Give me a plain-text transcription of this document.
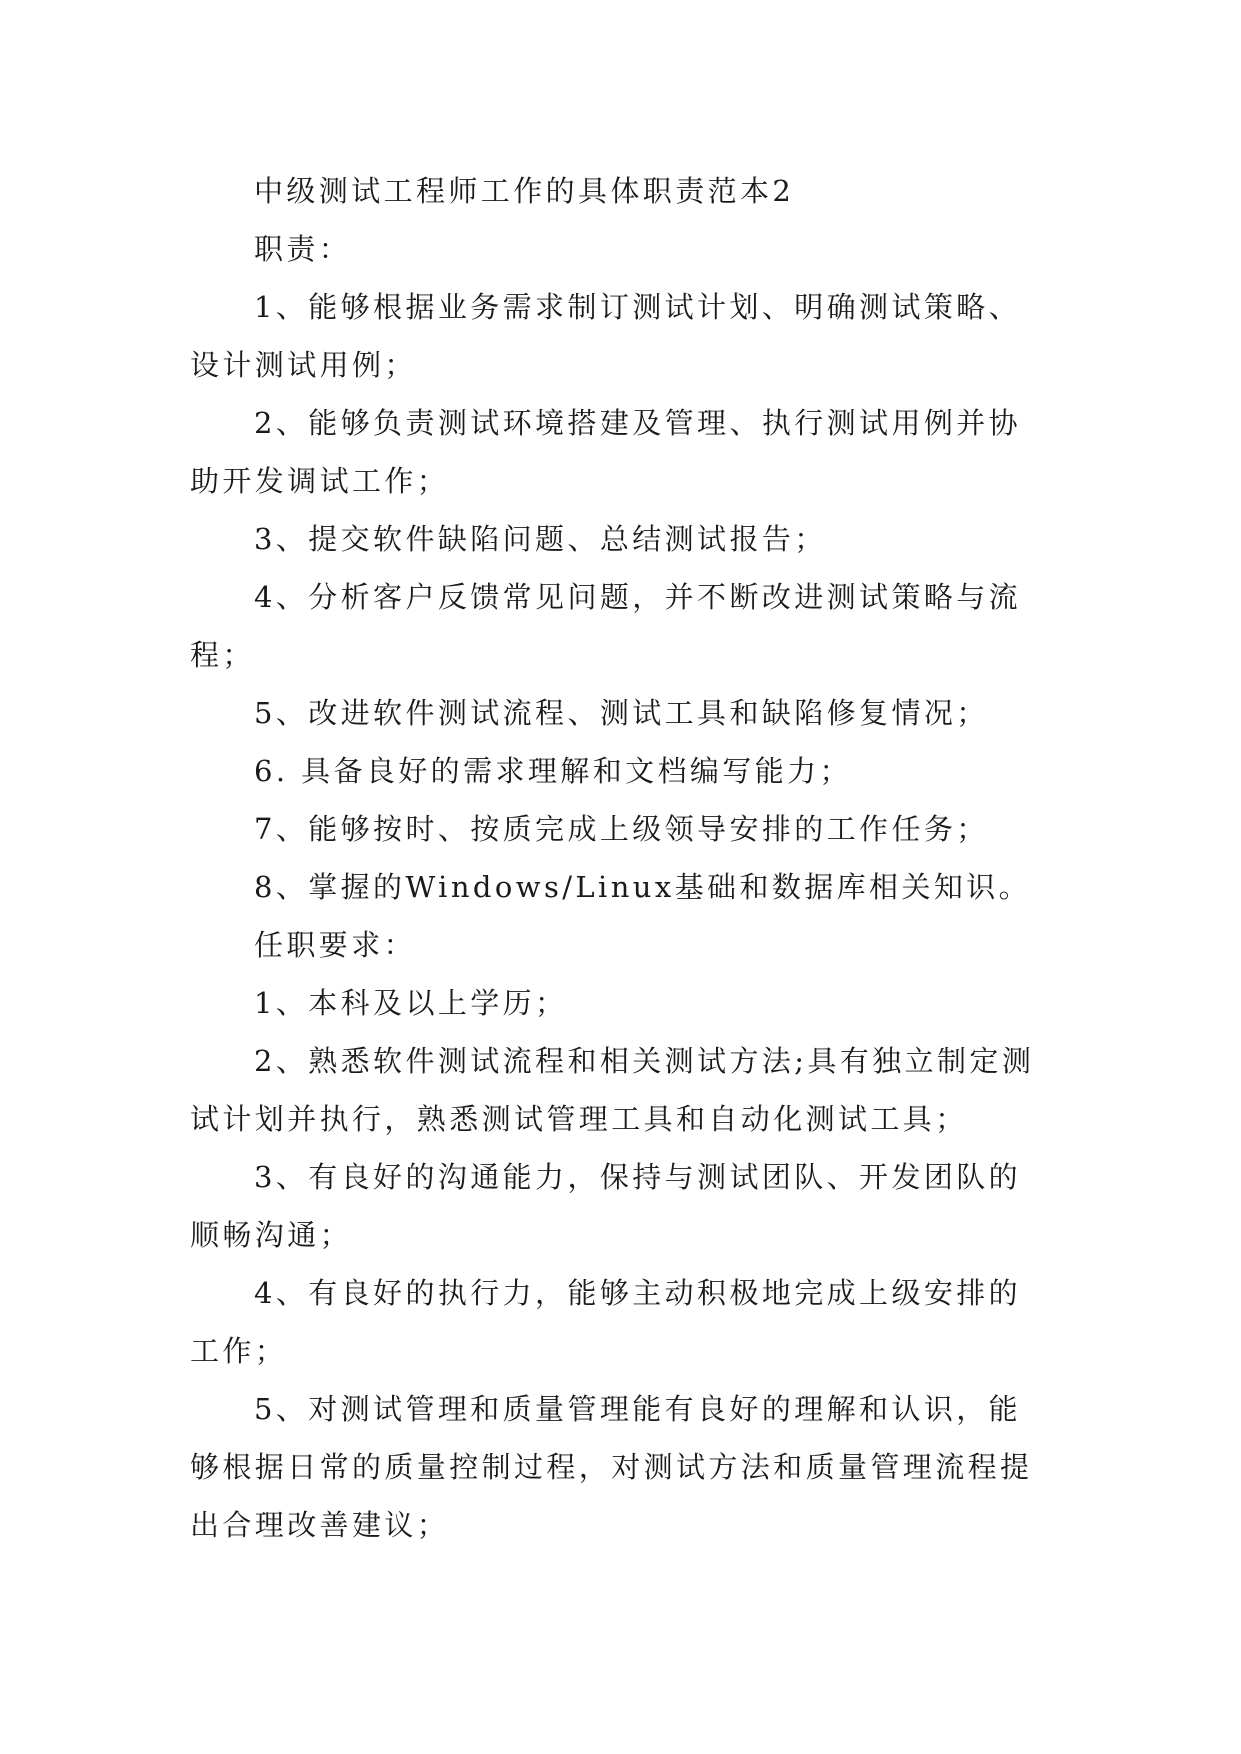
中级测试工程师工作的具体职责范本2

职责：

1、能够根据业务需求制订测试计划、明确测试策略、设计测试用例；

2、能够负责测试环境搭建及管理、执行测试用例并协助开发调试工作；

3、提交软件缺陷问题、总结测试报告；

4、分析客户反馈常见问题，并不断改进测试策略与流程；

5、改进软件测试流程、测试工具和缺陷修复情况；

6. 具备良好的需求理解和文档编写能力；

7、能够按时、按质完成上级领导安排的工作任务；

8、掌握的Windows/Linux基础和数据库相关知识。

任职要求：

1、本科及以上学历；

2、熟悉软件测试流程和相关测试方法;具有独立制定测试计划并执行，熟悉测试管理工具和自动化测试工具；

3、有良好的沟通能力，保持与测试团队、开发团队的顺畅沟通；

4、有良好的执行力，能够主动积极地完成上级安排的工作；

5、对测试管理和质量管理能有良好的理解和认识，能够根据日常的质量控制过程，对测试方法和质量管理流程提出合理改善建议；
